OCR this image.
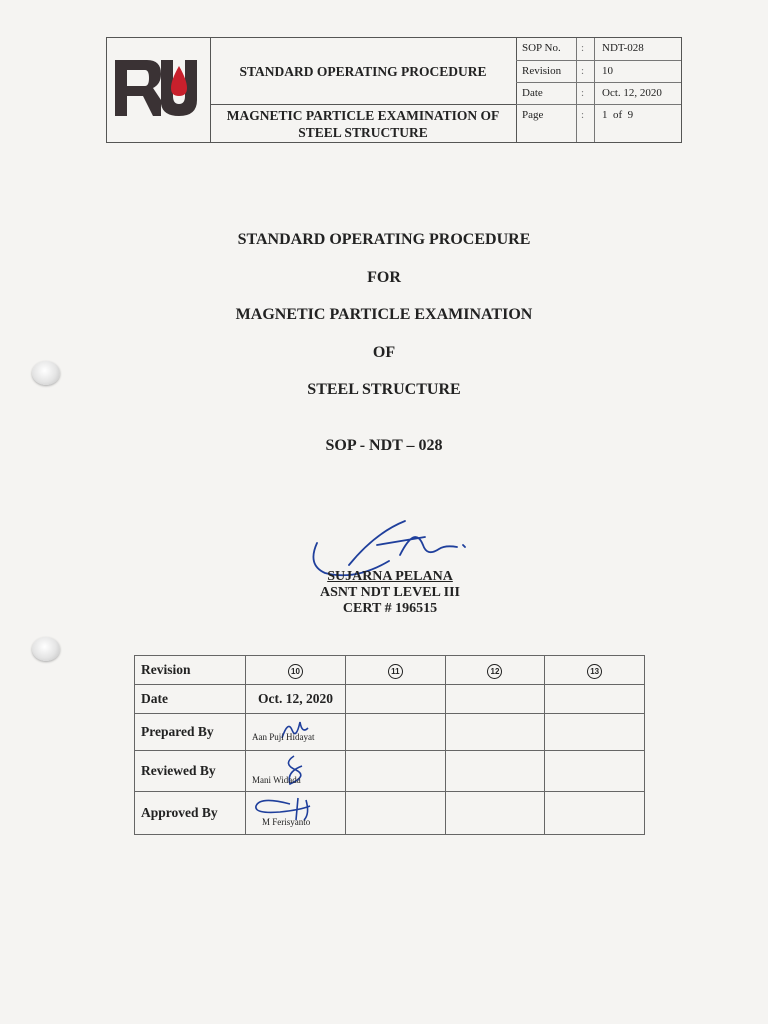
STANDARD OPERATING PROCEDURE
MAGNETIC PARTICLE EXAMINATION OF
STEEL STRUCTURE
SOP No. : NDT-028
Revision : 10
Date	: Oct. 12, 2020
Page	: 1  of  9
STANDARD OPERATING PROCEDURE
FOR
MAGNETIC PARTICLE EXAMINATION
OF
STEEL STRUCTURE
SOP - NDT – 028
SUJARNA PELANA
ASNT NDT LEVEL III
CERT # 196515
Revision	10	11	12	13
Date	Oct. 12, 2020			
Prepared By	Aan Puji Hidayat			

Reviewed By	Mani Widada			

Approved By	M Ferisyanto			
